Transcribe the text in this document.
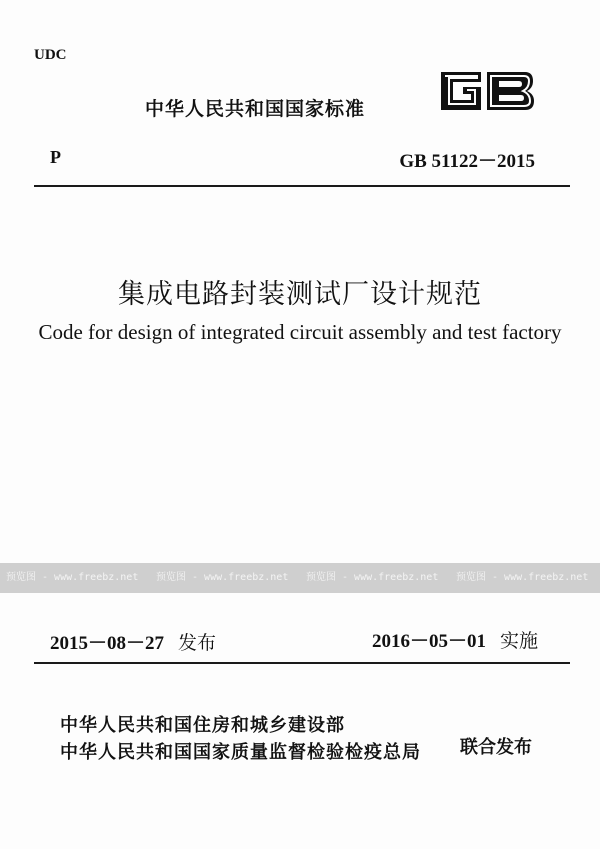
UDC
中华人民共和国国家标准
P	GB 51122－2015
集成电路封装测试厂设计规范
Code for design of integrated circuit assembly and test factory
预览图 - www.freebz.net	预览图 - www.freebz.net	预览图 - www.freebz.net	预览图 - www.freebz.net
2015－08－27 发布	2016－05－01 实施
中华人民共和国住房和城乡建设部
中华人民共和国国家质量监督检验检疫总局 联合发布
